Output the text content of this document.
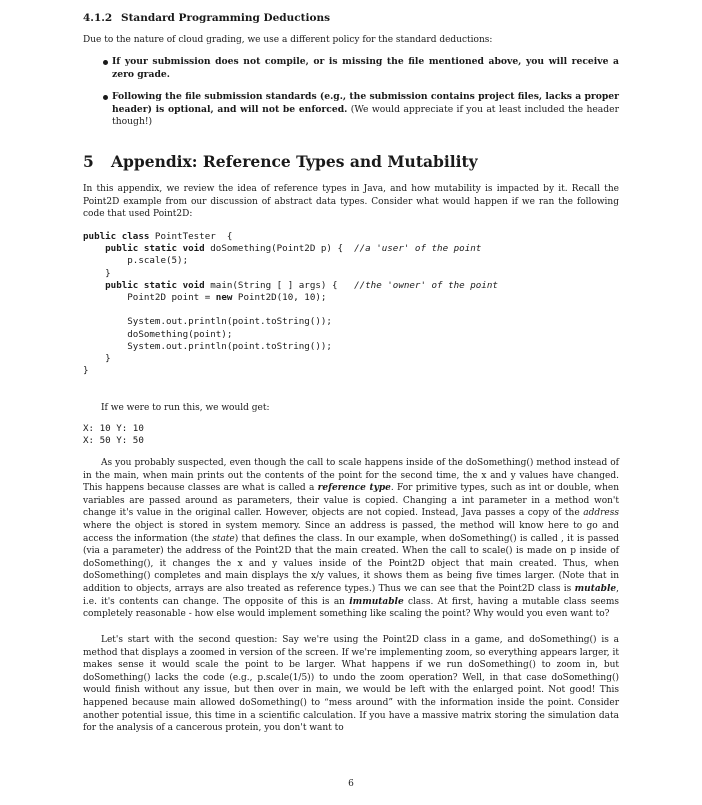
4.1.2 Standard Programming Deductions
Due to the nature of cloud grading, we use a different policy for the standard deductions:
If your submission does not compile, or is missing the file mentioned above, you will receive a zero grade.
Following the file submission standards (e.g., the submission contains project files, lacks a proper header) is optional, and will not be enforced. (We would appreciate if you at least included the header though!)
5 Appendix: Reference Types and Mutability
In this appendix, we review the idea of reference types in Java, and how mutability is impacted by it. Recall the Point2D example from our discussion of abstract data types. Consider what would happen if we ran the following code that used Point2D:
public class PointTester  {
public static void doSomething(Point2D p) {  //a 'user' of the point
p.scale(5);
}
public static void main(String [ ] args) {   //the 'owner' of the point
Point2D point = new Point2D(10, 10);
System.out.println(point.toString());
doSomething(point);
System.out.println(point.toString());
}
}
If we were to run this, we would get:
X: 10 Y: 10
X: 50 Y: 50
As you probably suspected, even though the call to scale happens inside of the doSomething() method instead of in the main, when main prints out the contents of the point for the second time, the x and y values have changed. This happens because classes are what is called a reference type. For primitive types, such as int or double, when variables are passed around as parameters, their value is copied. Changing a int parameter in a method won't change it's value in the original caller. However, objects are not copied. Instead, Java passes a copy of the address where the object is stored in system memory. Since an address is passed, the method will know here to go and access the information (the state) that defines the class. In our example, when doSomething() is called , it is passed (via a parameter) the address of the Point2D that the main created. When the call to scale() is made on p inside of doSomething(), it changes the x and y values inside of the Point2D object that main created. Thus, when doSomething() completes and main displays the x/y values, it shows them as being five times larger. (Note that in addition to objects, arrays are also treated as reference types.) Thus we can see that the Point2D class is mutable, i.e. it's contents can change. The opposite of this is an immutable class. At first, having a mutable class seems completely reasonable - how else would implement something like scaling the point? Why would you even want to?
Let's start with the second question: Say we're using the Point2D class in a game, and doSomething() is a method that displays a zoomed in version of the screen. If we're implementing zoom, so everything appears larger, it makes sense it would scale the point to be larger. What happens if we run doSomething() to zoom in, but doSomething() lacks the code (e.g., p.scale(1/5)) to undo the zoom operation? Well, in that case doSomething() would finish without any issue, but then over in main, we would be left with the enlarged point. Not good! This happened because main allowed doSomething() to “mess around” with the information inside the point. Consider another potential issue, this time in a scientific calculation. If you have a massive matrix storing the simulation data for the analysis of a cancerous protein, you don't want to
6
